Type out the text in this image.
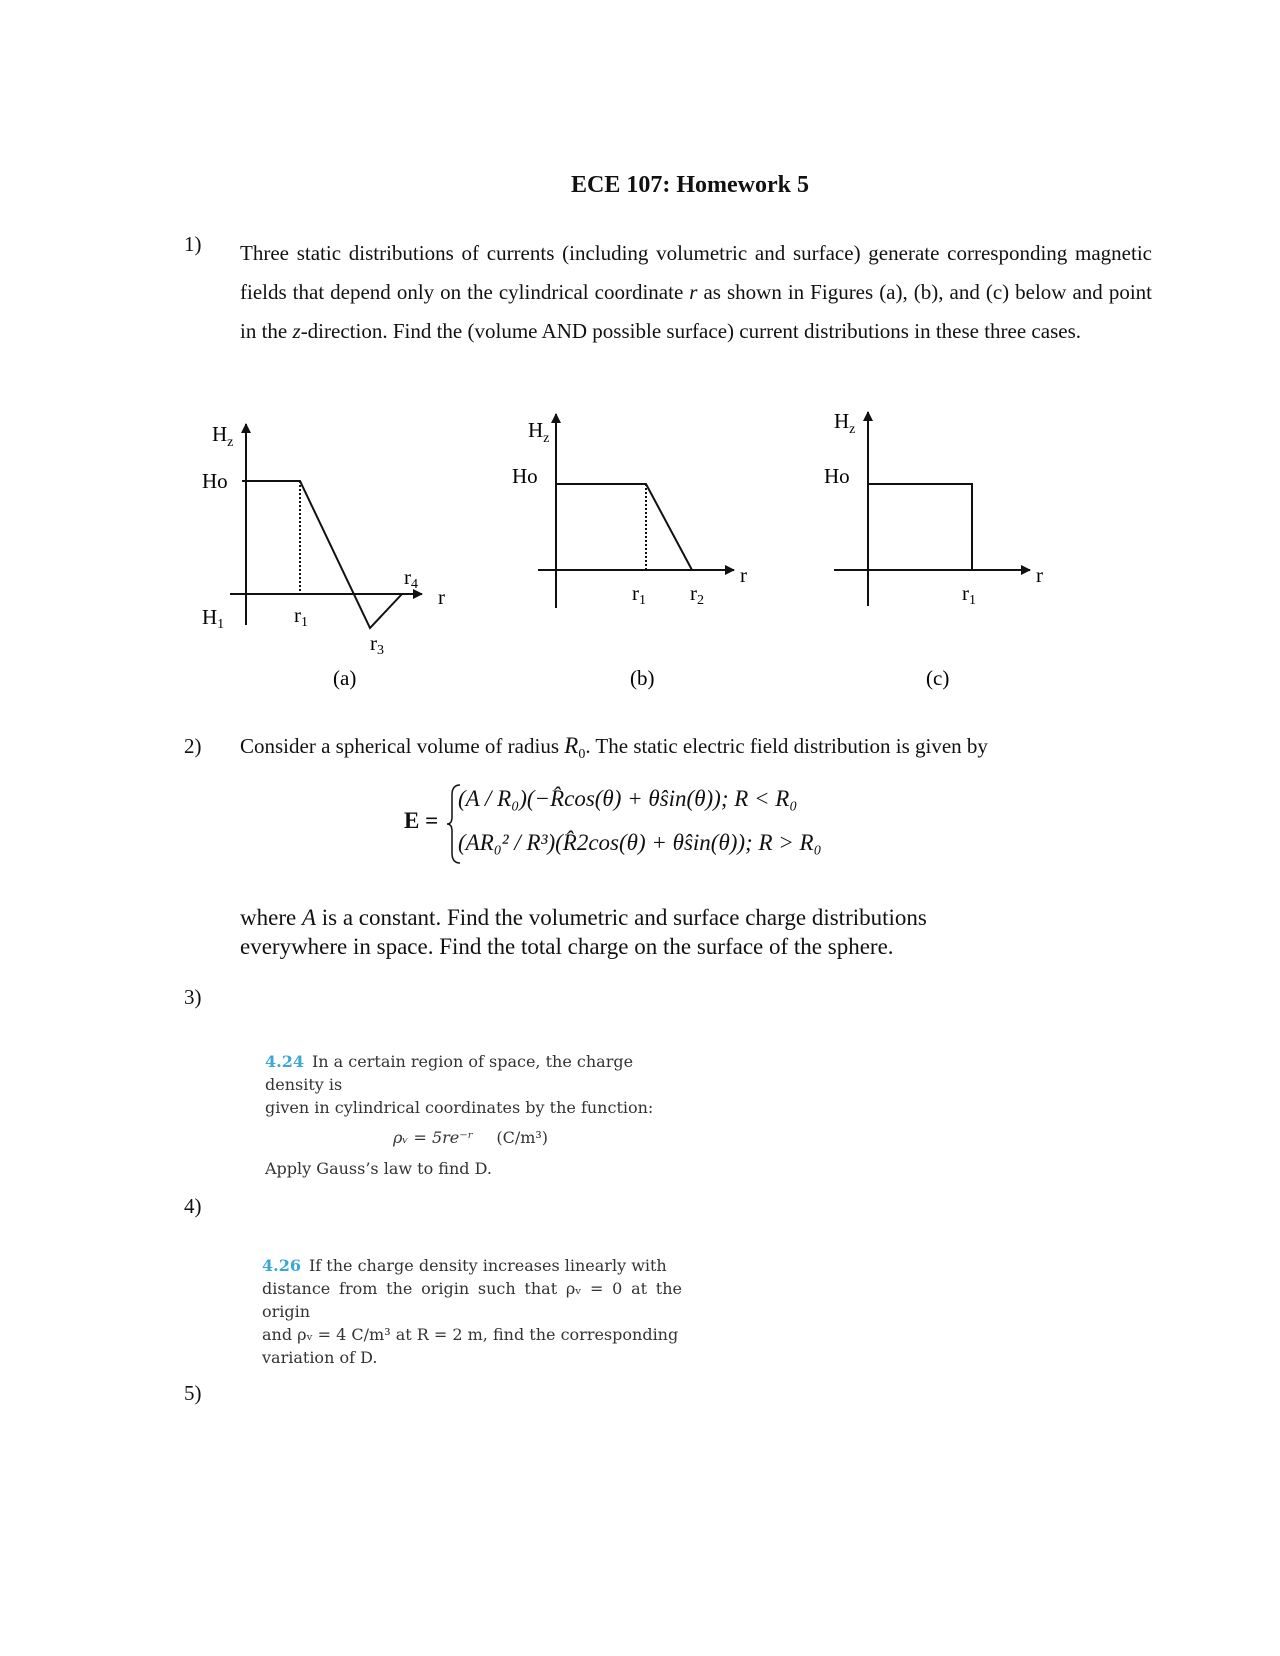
ECE 107: Homework 5
1) Three static distributions of currents (including volumetric and surface) generate corresponding magnetic fields that depend only on the cylindrical coordinate r as shown in Figures (a), (b), and (c) below and point in the z-direction. Find the (volume AND possible surface) current distributions in these three cases.
$H_z$
Ho
H1	r1
r3
r4
r
(a)
$H_z$
Ho
r1 r2
r
(b)
$H_z$
Ho
r1
r
(c)
2) Consider a spherical volume of radius $R_0$. The static electric field distribution is given by
E =
(A / R₀)(−R̂cos(θ) + θ̂sin(θ)); R < R₀
(AR₀² / R³)(R̂2cos(θ) + θ̂sin(θ)); R > R₀
where A is a constant. Find the volumetric and surface charge distributions
everywhere in space. Find the total charge on the surface of the sphere.
3)
4.24 In a certain region of space, the charge density is
given in cylindrical coordinates by the function:
ρᵥ = 5re⁻ʳ (C/m³)
Apply Gauss’s law to find D.
4)
4.26 If the charge density increases linearly with
distance from the origin such that ρᵥ = 0 at the origin
and ρᵥ = 4 C/m³ at R = 2 m, find the corresponding
variation of D.
5)
